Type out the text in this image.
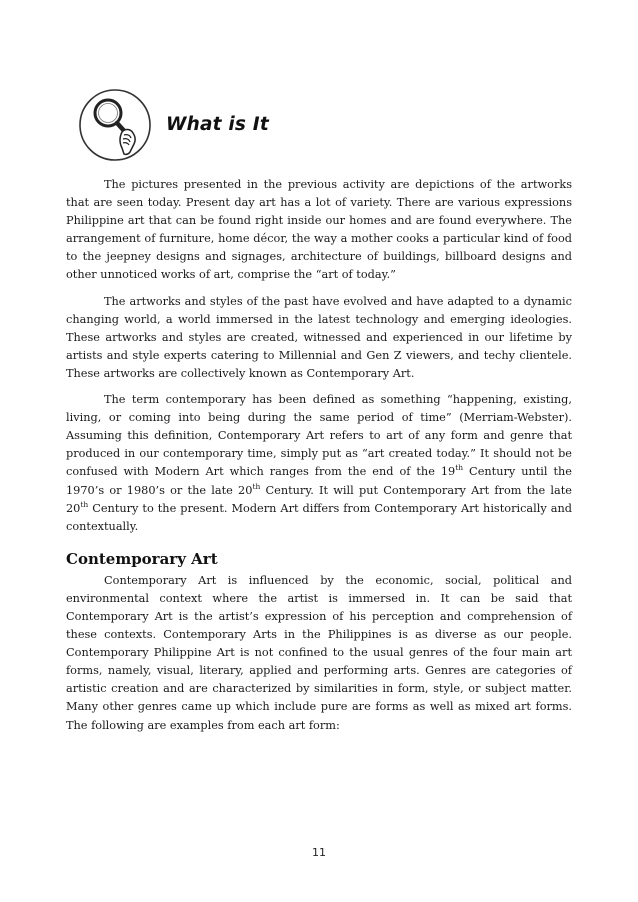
What is It

The pictures presented in the previous activity are depictions of the artworks that are seen today. Present day art has a lot of variety. There are various expressions Philippine art that can be found right inside our homes and are found everywhere. The arrangement of furniture, home décor, the way a mother cooks a particular kind of food to the jeepney designs and signages, architecture of buildings, billboard designs and other unnoticed works of art, comprise the “art of today.”

The artworks and styles of the past have evolved and have adapted to a dynamic changing world, a world immersed in the latest technology and emerging ideologies. These artworks and styles are created, witnessed and experienced in our lifetime by artists and style experts catering to Millennial and Gen Z viewers, and techy clientele. These artworks are collectively known as Contemporary Art.

The term contemporary has been defined as something “happening, existing, living, or coming into being during the same period of time” (Merriam-Webster). Assuming this definition, Contemporary Art refers to art of any form and genre that produced in our contemporary time, simply put as “art created today.” It should not be confused with Modern Art which ranges from the end of the 19th Century until the 1970’s or 1980’s or the late 20th Century. It will put Contemporary Art from the late 20th Century to the present. Modern Art differs from Contemporary Art historically and contextually.

Contemporary Art

Contemporary Art is influenced by the economic, social, political and environmental context where the artist is immersed in. It can be said that Contemporary Art is the artist’s expression of his perception and comprehension of these contexts. Contemporary Arts in the Philippines is as diverse as our people. Contemporary Philippine Art is not confined to the usual genres of the four main art forms, namely, visual, literary, applied and performing arts. Genres are categories of artistic creation and are characterized by similarities in form, style, or subject matter. Many other genres came up which include pure are forms as well as mixed art forms. The following are examples from each art form:

11
